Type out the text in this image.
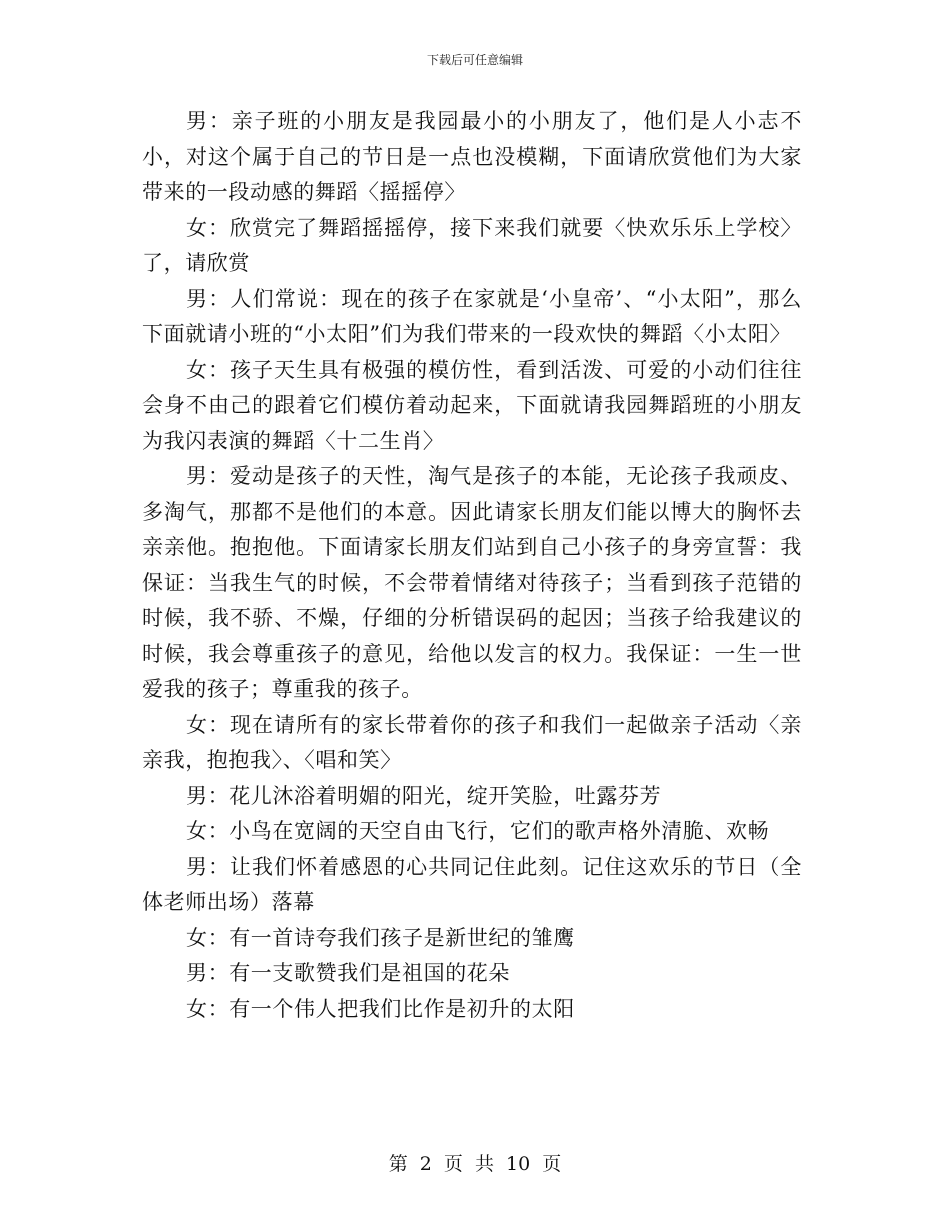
下载后可任意编辑

男：亲子班的小朋友是我园最小的小朋友了，他们是人小志不小，对这个属于自己的节日是一点也没模糊，下面请欣赏他们为大家带来的一段动感的舞蹈〈摇摇停〉

女：欣赏完了舞蹈摇摇停，接下来我们就要〈快欢乐乐上学校〉了，请欣赏

男：人们常说：现在的孩子在家就是‘小皇帝’、“小太阳”，那么下面就请小班的“小太阳”们为我们带来的一段欢快的舞蹈〈小太阳〉

女：孩子天生具有极强的模仿性，看到活泼、可爱的小动们往往会身不由己的跟着它们模仿着动起来，下面就请我园舞蹈班的小朋友为我闪表演的舞蹈〈十二生肖〉

男：爱动是孩子的天性，淘气是孩子的本能，无论孩子我顽皮、多淘气，那都不是他们的本意。因此请家长朋友们能以博大的胸怀去亲亲他。抱抱他。下面请家长朋友们站到自己小孩子的身旁宣誓：我保证：当我生气的时候，不会带着情绪对待孩子；当看到孩子范错的时候，我不骄、不燥，仔细的分析错误码的起因；当孩子给我建议的时候，我会尊重孩子的意见，给他以发言的权力。我保证：一生一世爱我的孩子；尊重我的孩子。

女：现在请所有的家长带着你的孩子和我们一起做亲子活动〈亲亲我，抱抱我〉、〈唱和笑〉

男：花儿沐浴着明媚的阳光，绽开笑脸，吐露芬芳

女：小鸟在宽阔的天空自由飞行，它们的歌声格外清脆、欢畅

男：让我们怀着感恩的心共同记住此刻。记住这欢乐的节日（全体老师出场）落幕

女：有一首诗夸我们孩子是新世纪的雏鹰

男：有一支歌赞我们是祖国的花朵

女：有一个伟人把我们比作是初升的太阳

第 2 页 共 10 页
